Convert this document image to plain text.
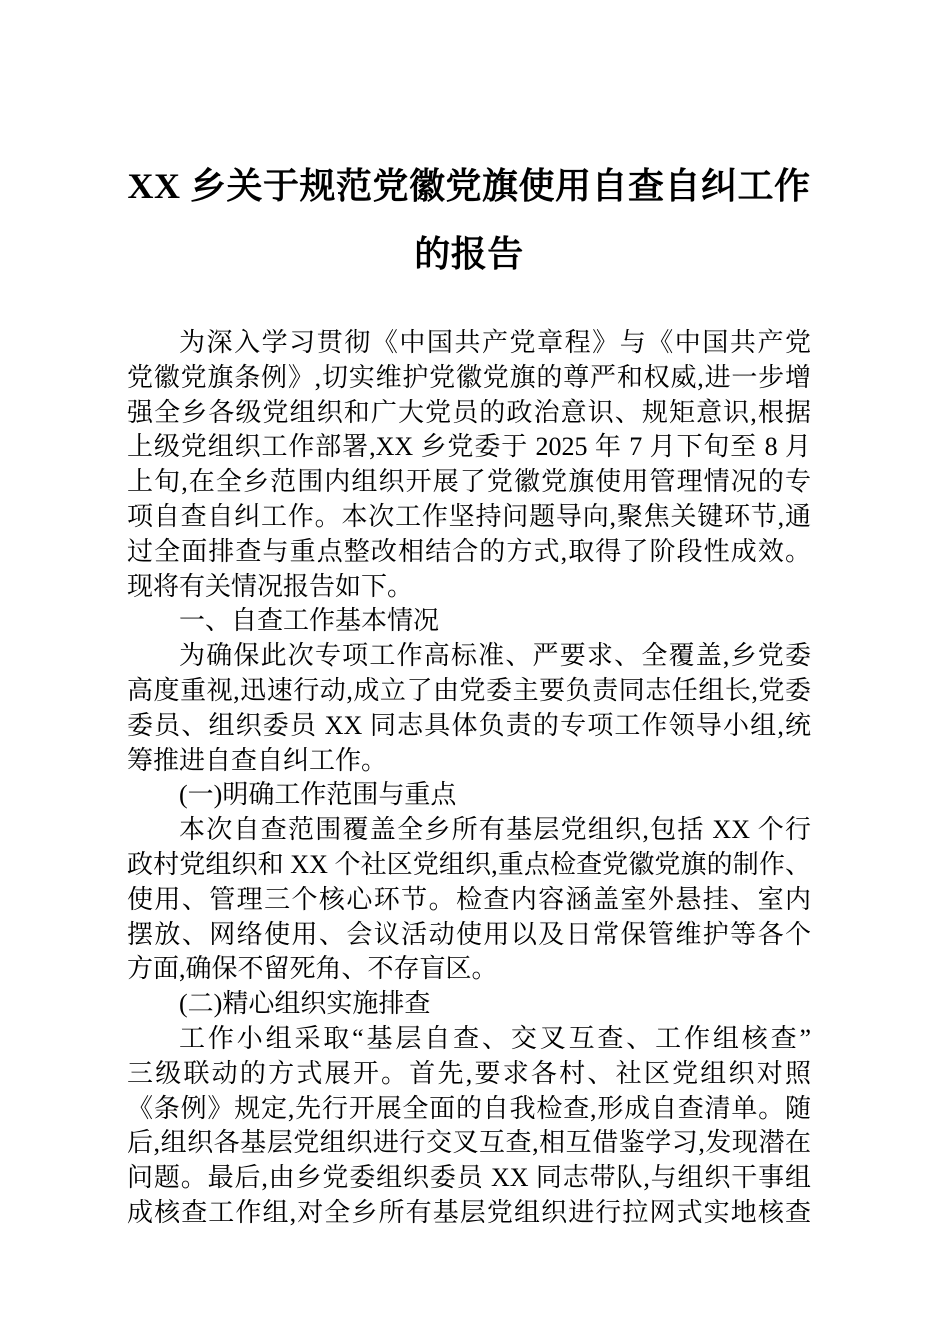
XX 乡关于规范党徽党旗使用自查自纠工作
的报告
为深入学习贯彻《中国共产党章程》与《中国共产党
党徽党旗条例》,切实维护党徽党旗的尊严和权威,进一步增
强全乡各级党组织和广大党员的政治意识、规矩意识,根据
上级党组织工作部署,XX 乡党委于 2025 年 7 月下旬至 8 月
上旬,在全乡范围内组织开展了党徽党旗使用管理情况的专
项自查自纠工作。本次工作坚持问题导向,聚焦关键环节,通
过全面排查与重点整改相结合的方式,取得了阶段性成效。
现将有关情况报告如下。
一、自查工作基本情况
为确保此次专项工作高标准、严要求、全覆盖,乡党委
高度重视,迅速行动,成立了由党委主要负责同志任组长,党委
委员、组织委员 XX 同志具体负责的专项工作领导小组,统
筹推进自查自纠工作。
(一)明确工作范围与重点
本次自查范围覆盖全乡所有基层党组织,包括 XX 个行
政村党组织和 XX 个社区党组织,重点检查党徽党旗的制作、
使用、管理三个核心环节。检查内容涵盖室外悬挂、室内
摆放、网络使用、会议活动使用以及日常保管维护等各个
方面,确保不留死角、不存盲区。
(二)精心组织实施排查
工作小组采取“基层自查、交叉互查、工作组核查”
三级联动的方式展开。首先,要求各村、社区党组织对照
《条例》规定,先行开展全面的自我检查,形成自查清单。随
后,组织各基层党组织进行交叉互查,相互借鉴学习,发现潜在
问题。最后,由乡党委组织委员 XX 同志带队,与组织干事组
成核查工作组,对全乡所有基层党组织进行拉网式实地核查
